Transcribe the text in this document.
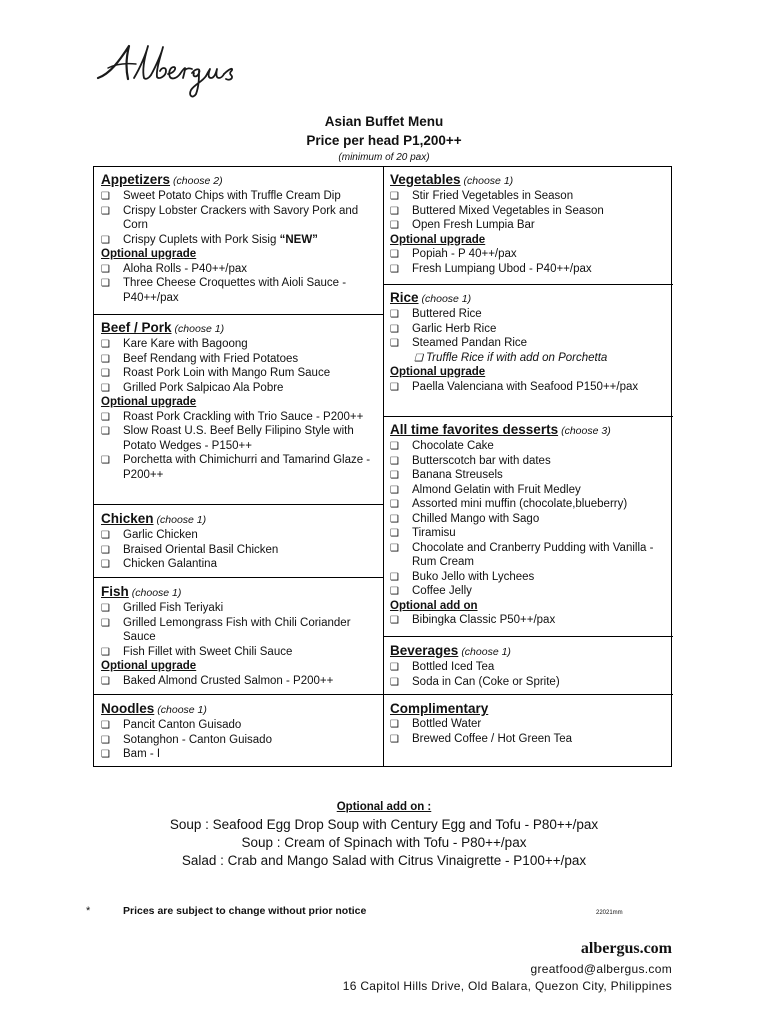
Asian Buffet Menu
Price per head P1,200++
(minimum of 20 pax)
Appetizers (choose 2)
❑ Sweet Potato Chips with Truffle Cream Dip
❑ Crispy Lobster Crackers with Savory Pork and Corn
❑ Crispy Cuplets with Pork Sisig “NEW”
Optional upgrade
❑ Aloha Rolls - P40++/pax
❑ Three Cheese Croquettes with Aioli Sauce - P40++/pax
Beef / Pork (choose 1)
❑ Kare Kare with Bagoong
❑ Beef Rendang with Fried Potatoes
❑ Roast Pork Loin with Mango Rum Sauce
❑ Grilled Pork Salpicao Ala Pobre
Optional upgrade
❑ Roast Pork Crackling with Trio Sauce - P200++
❑ Slow Roast U.S. Beef Belly Filipino Style with Potato Wedges - P150++
❑ Porchetta with Chimichurri and Tamarind Glaze - P200++
Chicken (choose 1)
❑ Garlic Chicken
❑ Braised Oriental Basil Chicken
❑ Chicken Galantina
Fish (choose 1)
❑ Grilled Fish Teriyaki
❑ Grilled Lemongrass Fish with Chili Coriander Sauce
❑ Fish Fillet with Sweet Chili Sauce
Optional upgrade
❑ Baked Almond Crusted Salmon - P200++
Noodles (choose 1)
❑ Pancit Canton Guisado
❑ Sotanghon - Canton Guisado
❑ Bam - I
Vegetables (choose 1)
❑ Stir Fried Vegetables in Season
❑ Buttered Mixed Vegetables in Season
❑ Open Fresh Lumpia Bar
Optional upgrade
❑ Popiah - P 40++/pax
❑ Fresh Lumpiang Ubod - P40++/pax
Rice (choose 1)
❑ Buttered Rice
❑ Garlic Herb Rice
❑ Steamed Pandan Rice
❑ Truffle Rice if with add on Porchetta
Optional upgrade
❑ Paella Valenciana with Seafood P150++/pax
All time favorites desserts (choose 3)
❑ Chocolate Cake
❑ Butterscotch bar with dates
❑ Banana Streusels
❑ Almond Gelatin with Fruit Medley
❑ Assorted mini muffin (chocolate,blueberry)
❑ Chilled Mango with Sago
❑ Tiramisu
❑ Chocolate and Cranberry Pudding with Vanilla - Rum Cream
❑ Buko Jello with Lychees
❑ Coffee Jelly
Optional add on
❑ Bibingka Classic P50++/pax
Beverages (choose 1)
❑ Bottled Iced Tea
❑ Soda in Can (Coke or Sprite)
Complimentary
❑ Bottled Water
❑ Brewed Coffee / Hot Green Tea
Optional add on :
Soup : Seafood Egg Drop Soup with Century Egg and Tofu - P80++/pax
Soup : Cream of Spinach with Tofu - P80++/pax
Salad : Crab and Mango Salad with Citrus Vinaigrette - P100++/pax
*	Prices are subject to change without prior notice	22021mm
albergus.com
greatfood@albergus.com
16 Capitol Hills Drive, Old Balara, Quezon City, Philippines
